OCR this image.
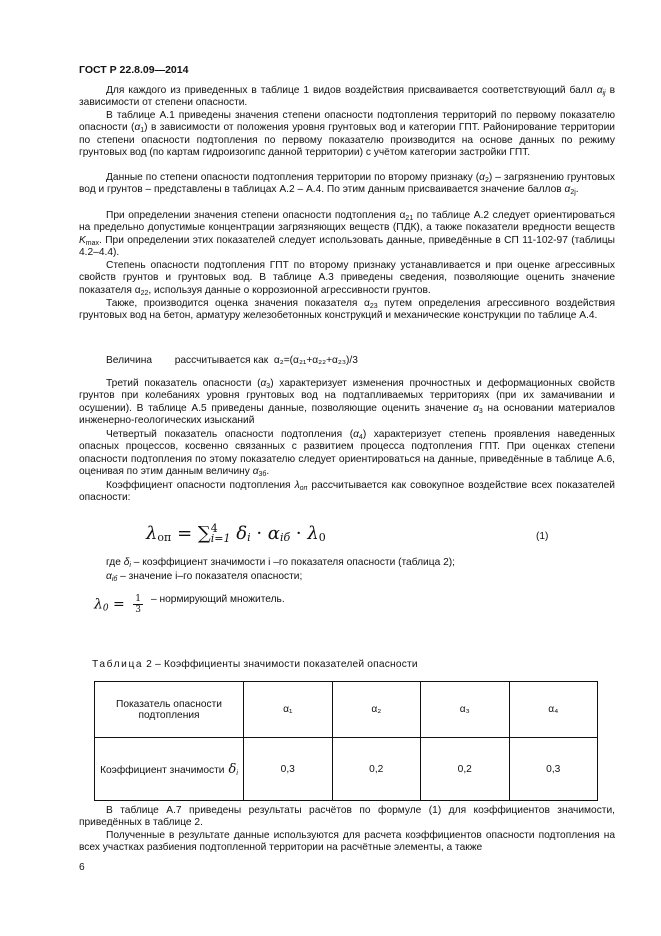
ГОСТ Р 22.8.09—2014
Для каждого из приведенных в таблице 1 видов воздействия присваивается соответствующий балл $\alpha_{ij}$ в зависимости от степени опасности.
В таблице А.1 приведены значения степени опасности подтопления территорий по первому показателю опасности $(\alpha_1)$ в зависимости от положения уровня грунтовых вод и категории ГПТ. Районирование территории по степени опасности подтопления по первому показателю производится на основе данных по режиму грунтовых вод (по картам гидроизогипс данной территории) с учётом категории застройки ГПТ.
Данные по степени опасности подтопления территории по второму признаку $(\alpha_2)$ – загрязнению грунтовых вод и грунтов – представлены в таблицах А.2 – А.4. По этим данным присваивается значение баллов $\alpha_{2j}$.
При определении значения степени опасности подтопления $\alpha_{21}$ по таблице А.2 следует ориентироваться на предельно допустимые концентрации загрязняющих веществ (ПДК), а также показатели вредности веществ $K_{max}$. При определении этих показателей следует использовать данные, приведённые в СП 11-102-97 (таблицы 4.2–4.4).
Степень опасности подтопления ГПТ по второму признаку устанавливается и при оценке агрессивных свойств грунтов и грунтовых вод. В таблице А.3 приведены сведения, позволяющие оценить значение показателя $\alpha_{22}$, используя данные о коррозионной агрессивности грунтов.
Также, производится оценка значения показателя $\alpha_{23}$ путем определения агрессивного воздействия грунтовых вод на бетон, арматуру железобетонных конструкций и механические конструкции по таблице А.4.
Величина рассчитывается как α₂=(α₂₁+α₂₂+α₂₃)/3
Третий показатель опасности $(\alpha_3)$ характеризует изменения прочностных и деформационных свойств грунтов при колебаниях уровня грунтовых вод на подтапливаемых территориях (при их замачивании и осушении). В таблице А.5 приведены данные, позволяющие оценить значение $\alpha_3$ на основании материалов инженерно-геологических изысканий
Четвертый показатель опасности подтопления $(\alpha_4)$ характеризует степень проявления наведенных опасных процессов, косвенно связанных с развитием процесса подтопления ГПТ. При оценках степени опасности подтопления по этому показателю следует ориентироваться на данные, приведённые в таблице А.6, оценивая по этим данным величину $\alpha_{3б}$.
Коэффициент опасности подтопления $\lambda_{оп}$ рассчитывается как совокупное воздействие всех показателей опасности:
$\lambda_{оп}$ = ∑ 4
i=1 $\delta_i \cdot \alpha_{iб} \cdot \lambda_0$	(1)
где $\delta_i$ – коэффициент значимости i –го показателя опасности (таблица 2);
$\alpha_{iб}$ – значение i–го показателя опасности;
$\lambda_0 = \frac{1}{3}$ – нормирующий множитель.
Таблица 2 – Коэффициенты значимости показателей опасности
Показатель опасности подтопления	α₁	α₂	α₃	α₄
Коэффициент значимости $\delta_i$	0,3	0,2	0,2	0,3
В таблице А.7 приведены результаты расчётов по формуле (1) для коэффициентов значимости, приведённых в таблице 2.
Полученные в результате данные используются для расчета коэффициентов опасности подтопления на всех участках разбиения подтопленной территории на расчётные элементы, а также
6
